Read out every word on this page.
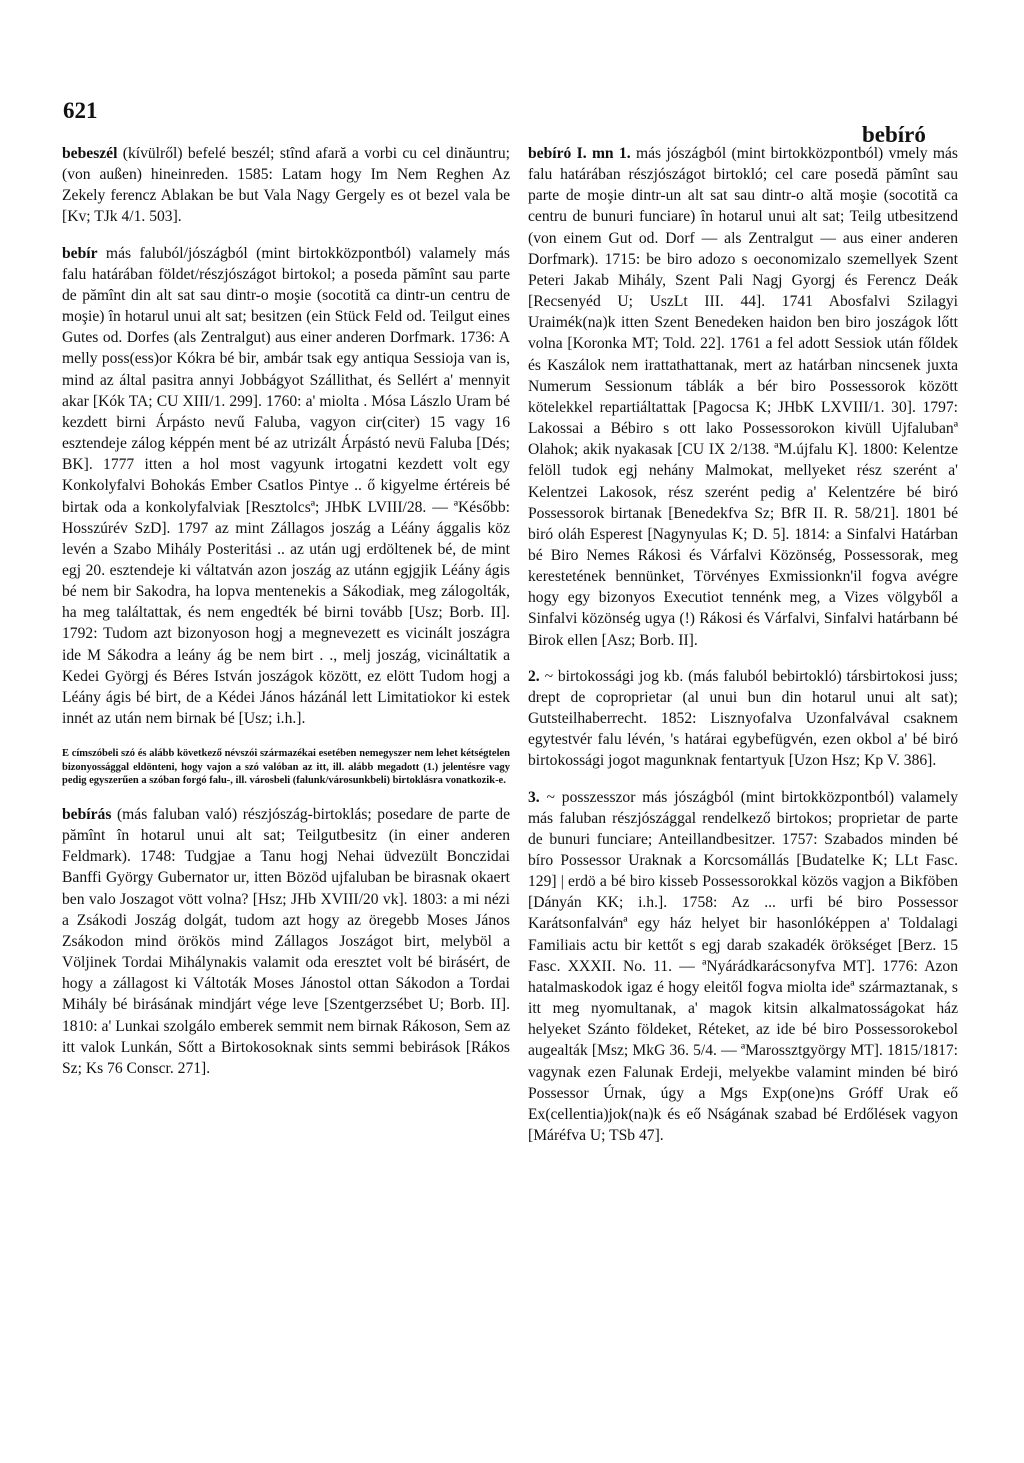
621
bebíró

bebeszél (kívülről) befelé beszél; stînd afară a vorbi cu cel dinăuntru; (von außen) hineinreden. 1585: Latam hogy Im Nem Reghen Az Zekely ferencz Ablakan be but Vala Nagy Gergely es ot bezel vala be [Kv; TJk 4/1. 503].

bebír más faluból/jószágból (mint birtokközpontból) valamely más falu határában földet/részjószágot birtokol; a poseda pămînt sau parte de pămînt din alt sat sau dintr-o moşie (socotită ca dintr-un centru de moşie) în hotarul unui alt sat; besitzen (ein Stück Feld od. Teilgut eines Gutes od. Dorfes (als Zentralgut) aus einer anderen Dorfmark. 1736: A melly poss(ess)or Kókra bé bir, ambár tsak egy antiqua Sessioja van is, mind az által pasitra annyi Jobbágyot Szállithat, és Sellért a' mennyit akar [Kók TA; CU XIII/1. 299]. 1760: a' miolta . Mósa Lászlo Uram bé kezdett birni Árpásto nevű Faluba, vagyon cir(citer) 15 vagy 16 esztendeje zálog képpén ment bé az utrizált Árpástó nevü Faluba [Dés; BK]. 1777 itten a hol most vagyunk irtogatni kezdett volt egy Konkolyfalvi Bohokás Ember Csatlos Pintye .. ő kigyelme értéreis bé birtak oda a konkolyfalviak [Resztolcsª; JHbK LVIII/28. — ªKésőbb: Hosszúrév SzD]. 1797 az mint Zállagos joszág a Léány ággalis köz levén a Szabo Mihály Posteritási .. az után ugj erdöltenek bé, de mint egj 20. esztendeje ki váltatván azon joszág az utánn egjgjik Léány ágis bé nem bir Sakodra, ha lopva mentenekis a Sákodiak, meg zálogolták, ha meg találtattak, és nem engedték bé birni tovább [Usz; Borb. II]. 1792: Tudom azt bizonyoson hogj a megnevezett es vicinált joszágra ide M Sákodra a leány ág be nem birt . ., melj joszág, vicináltatik a Kedei Györgj és Béres István joszágok között, ez elött Tudom hogj a Léány ágis bé birt, de a Kédei János házánál lett Limitatiokor ki estek innét az után nem birnak bé [Usz; i.h.].

E címszóbeli szó és alább következő névszói származékai esetében nemegyszer nem lehet kétségtelen bizonyossággal eldönteni, hogy vajon a szó valóban az itt, ill. alább megadott (1.) jelentésre vagy pedig egyszerűen a szóban forgó falu-, ill. városbeli (falunk/városunkbeli) birtoklásra vonatkozik-e.

bebírás (más faluban való) részjószág-birtoklás; posedare de parte de pămînt în hotarul unui alt sat; Teilgutbesitz (in einer anderen Feldmark). 1748: Tudgjae a Tanu hogj Nehai üdvezült Bonczidai Banffi György Gubernator ur, itten Bözöd ujfaluban be birasnak okaert ben valo Joszagot vött volna? [Hsz; JHb XVIII/20 vk]. 1803: a mi nézi a Zsákodi Joszág dolgát, tudom azt hogy az öregebb Moses János Zsákodon mind örökös mind Zállagos Joszágot birt, melyböl a Völjinek Tordai Mihálynakis valamit oda eresztet volt bé birásért, de hogy a zállagost ki Váltoták Moses Jánostol ottan Sákodon a Tordai Mihály bé birásának mindjárt vége leve [Szentgerzsébet U; Borb. II]. 1810: a' Lunkai szolgálo emberek semmit nem birnak Rákoson, Sem az itt valok Lunkán, Sőtt a Birtokosoknak sints semmi bebirások [Rákos Sz; Ks 76 Conscr. 271].

bebíró I. mn 1. más jószágból (mint birtokközpontból) vmely más falu határában részjószágot birtokló; cel care posedă pămînt sau parte de moşie dintr-un alt sat sau dintr-o altă moşie (socotită ca centru de bunuri funciare) în hotarul unui alt sat; Teilg utbesitzend (von einem Gut od. Dorf — als Zentralgut — aus einer anderen Dorfmark). 1715: be biro adozo s oeconomizalo szemellyek Szent Peteri Jakab Mihály, Szent Pali Nagj Gyorgj és Ferencz Deák [Recsenyéd U; UszLt III. 44]. 1741 Abosfalvi Szilagyi Uraimék(na)k itten Szent Benedeken haidon ben biro joszágok lőtt volna [Koronka MT; Told. 22]. 1761 a fel adott Sessiok után főldek és Kaszálok nem irattathattanak, mert az határban nincsenek juxta Numerum Sessionum táblák a bér biro Possessorok között kötelekkel repartiáltattak [Pagocsa K; JHbK LXVIII/1. 30]. 1797: Lakossai a Bébiro s ott lako Possessorokon kivüll Ujfalubanª Olahok; akik nyakasak [CU IX 2/138. ªM.újfalu K]. 1800: Kelentze felöll tudok egj nehány Malmokat, mellyeket rész szerént a' Kelentzei Lakosok, rész szerént pedig a' Kelentzére bé biró Possessorok birtanak [Benedekfva Sz; BfR II. R. 58/21]. 1801 bé biró oláh Esperest [Nagynyulas K; D. 5]. 1814: a Sinfalvi Határban bé Biro Nemes Rákosi és Várfalvi Közönség, Possessorak, meg kerestetének bennünket, Törvényes Exmissionkn'il fogva avégre hogy egy bizonyos Executiot tennénk meg, a Vizes völgyből a Sinfalvi közönség ugya (!) Rákosi és Várfalvi, Sinfalvi határbann bé Birok ellen [Asz; Borb. II].

2. ~ birtokossági jog kb. (más faluból bebirtokló) társbirtokosi juss; drept de coproprietar (al unui bun din hotarul unui alt sat); Gutsteilhaberrecht. 1852: Lisznyofalva Uzonfalvával csaknem egytestvér falu lévén, 's határai egybefügvén, ezen okbol a' bé biró birtokossági jogot magunknak fentartyuk [Uzon Hsz; Kp V. 386].

3. ~ posszesszor más jószágból (mint birtokközpontból) valamely más faluban részjószággal rendelkező birtokos; proprietar de parte de bunuri funciare; Anteillandbesitzer. 1757: Szabados minden bé bíro Possessor Uraknak a Korcsomállás [Budatelke K; LLt Fasc. 129] | erdö a bé biro kisseb Possessorokkal közös vagjon a Bikföben [Dányán KK; i.h.]. 1758: Az ... urfi bé biro Possessor Karátsonfalvánª egy ház helyet bir hasonlóképpen a' Toldalagi Familiais actu bir kettőt s egj darab szakadék örökséget [Berz. 15 Fasc. XXXII. No. 11. — ªNyárádkarácsonyfva MT]. 1776: Azon hatalmaskodok igaz é hogy eleitől fogva miolta ideª származtanak, s itt meg nyomultanak, a' magok kitsin alkalmatosságokat ház helyeket Szánto földeket, Réteket, az ide bé biro Possessorokebol augealták [Msz; MkG 36. 5/4. — ªMarossztgyörgy MT]. 1815/1817: vagynak ezen Falunak Erdeji, melyekbe valamint minden bé biró Possessor Úrnak, úgy a Mgs Exp(one)ns Gróff Urak eő Ex(cellentia)jok(na)k és eő Nságának szabad bé Erdőlések vagyon [Máréfva U; TSb 47].
